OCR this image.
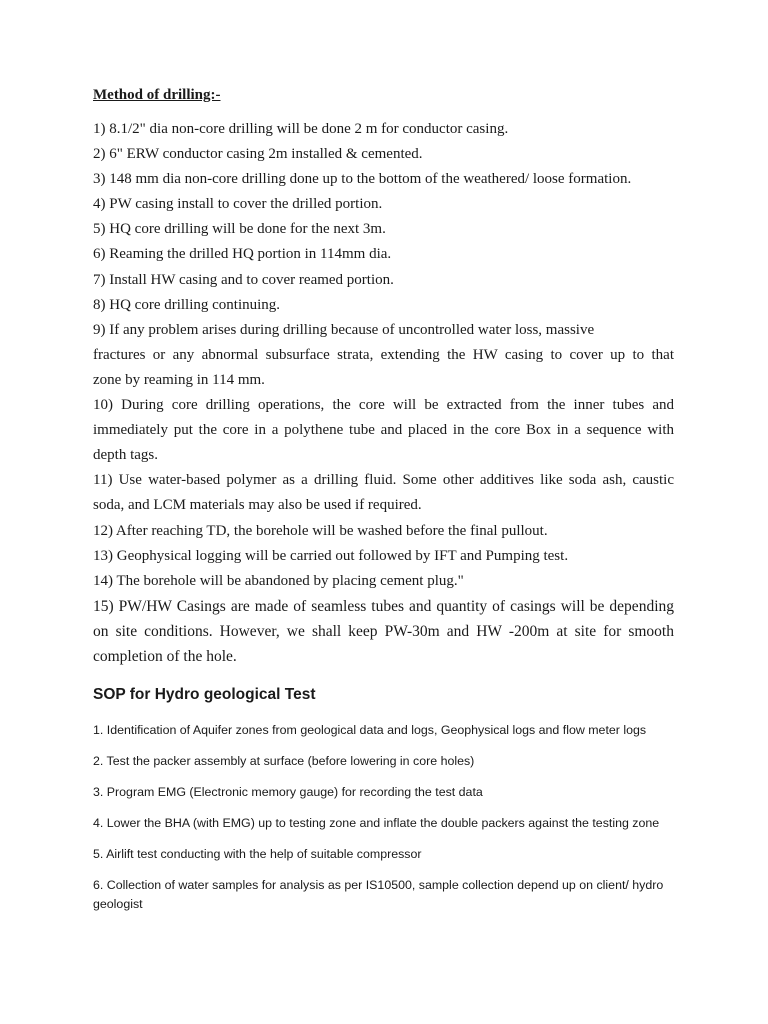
Method of drilling:-
1) 8.1/2" dia non-core drilling will be done 2 m for conductor casing.
2) 6" ERW conductor casing 2m installed & cemented.
3) 148 mm dia non-core drilling done up to the bottom of the weathered/ loose formation.
4) PW casing install to cover the drilled portion.
5) HQ core drilling will be done for the next 3m.
6) Reaming the drilled HQ portion in 114mm dia.
7) Install HW casing and to cover reamed portion.
8) HQ core drilling continuing.
9) If any problem arises during drilling because of uncontrolled water loss, massive
fractures or any abnormal subsurface strata, extending the HW casing to cover up to that
zone by reaming in 114 mm.
10) During core drilling operations, the core will be extracted from the inner tubes and immediately put the core in a polythene tube and placed in the core Box in a sequence with depth tags.
11) Use water-based polymer as a drilling fluid. Some other additives like soda ash, caustic soda, and LCM materials may also be used if required.
12) After reaching TD, the borehole will be washed before the final pullout.
13) Geophysical logging will be carried out followed by IFT and Pumping test.
14) The borehole will be abandoned by placing cement plug."
15) PW/HW Casings are made of seamless tubes and quantity of casings will be depending on site conditions. However, we shall keep PW-30m and HW -200m at site for smooth completion of the hole.
SOP for Hydro geological Test
1. Identification of Aquifer zones from geological data and logs, Geophysical logs and flow meter logs
2. Test the packer assembly at surface (before lowering in core holes)
3. Program EMG (Electronic memory gauge) for recording the test data
4. Lower the BHA (with EMG) up to testing zone and inflate the double packers against the testing zone
5. Airlift test conducting with the help of suitable compressor
6. Collection of water samples for analysis as per IS10500, sample collection depend up on client/ hydro geologist
